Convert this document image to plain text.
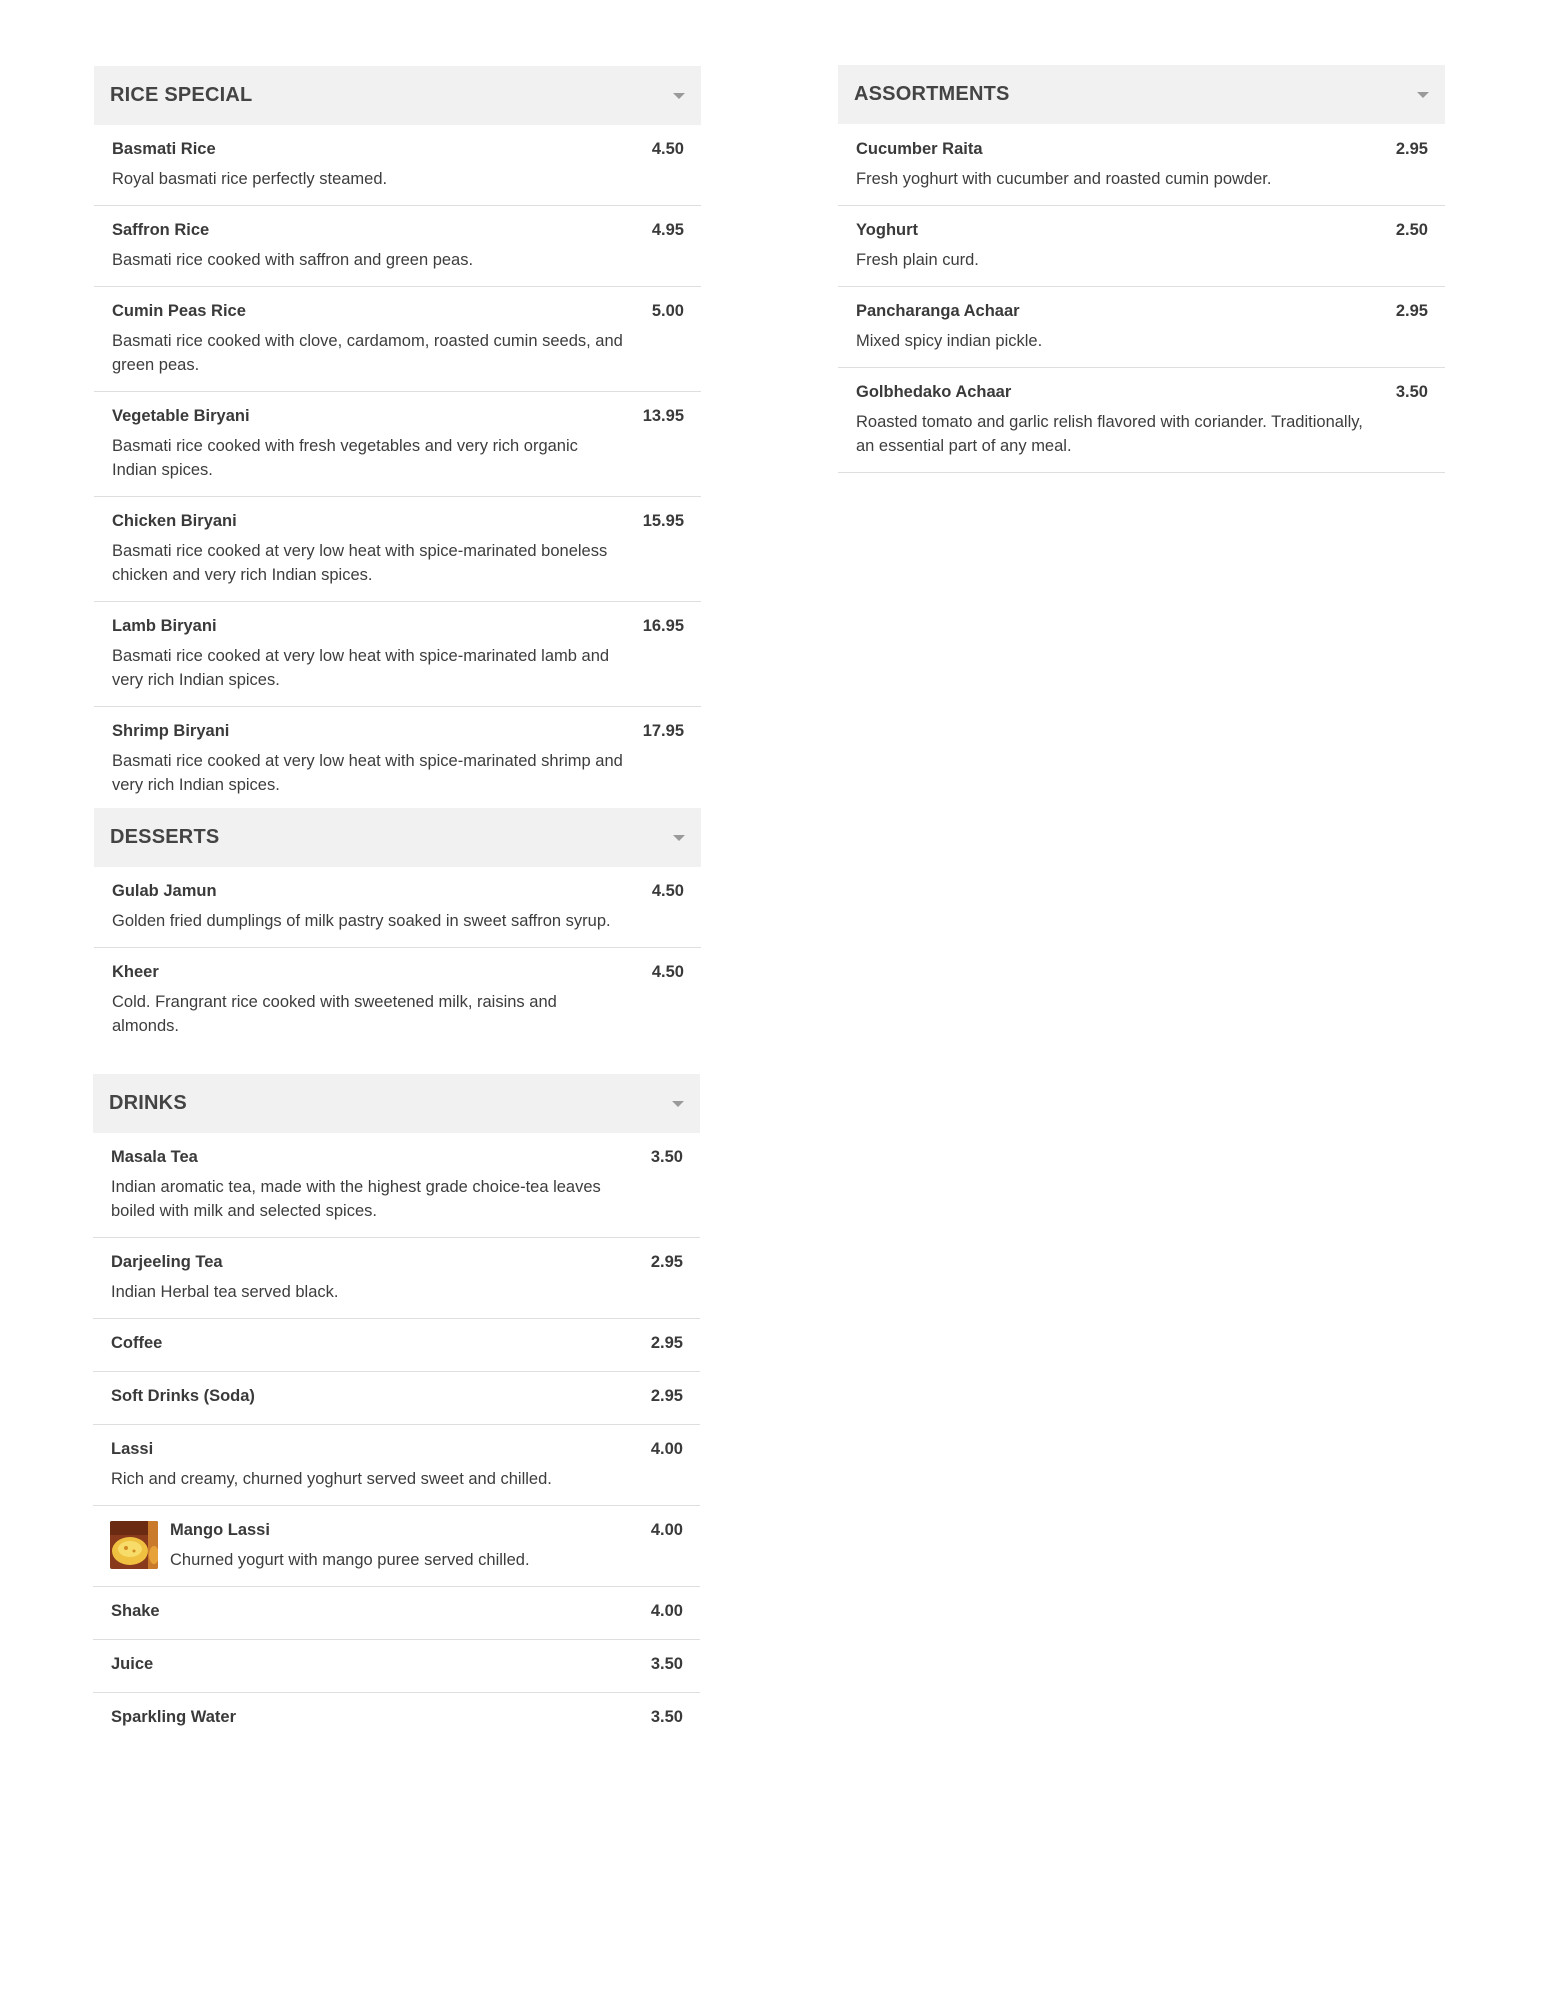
RICE SPECIAL
Basmati Rice	4.50
Royal basmati rice perfectly steamed.
Saffron Rice	4.95
Basmati rice cooked with saffron and green peas.
Cumin Peas Rice	5.00
Basmati rice cooked with clove, cardamom, roasted cumin seeds, and green peas.
Vegetable Biryani	13.95
Basmati rice cooked with fresh vegetables and very rich organic Indian spices.
Chicken Biryani	15.95
Basmati rice cooked at very low heat with spice-marinated boneless chicken and very rich Indian spices.
Lamb Biryani	16.95
Basmati rice cooked at very low heat with spice-marinated lamb and very rich Indian spices.
Shrimp Biryani	17.95
Basmati rice cooked at very low heat with spice-marinated shrimp and very rich Indian spices.
DESSERTS
Gulab Jamun	4.50
Golden fried dumplings of milk pastry soaked in sweet saffron syrup.
Kheer	4.50
Cold. Frangrant rice cooked with sweetened milk, raisins and almonds.
DRINKS
Masala Tea	3.50
Indian aromatic tea, made with the highest grade choice-tea leaves boiled with milk and selected spices.
Darjeeling Tea	2.95
Indian Herbal tea served black.
Coffee	2.95
Soft Drinks (Soda)	2.95
Lassi	4.00
Rich and creamy, churned yoghurt served sweet and chilled.
Mango Lassi	4.00
Churned yogurt with mango puree served chilled.
Shake	4.00
Juice	3.50
Sparkling Water	3.50
ASSORTMENTS
Cucumber Raita	2.95
Fresh yoghurt with cucumber and roasted cumin powder.
Yoghurt	2.50
Fresh plain curd.
Pancharanga Achaar	2.95
Mixed spicy indian pickle.
Golbhedako Achaar	3.50
Roasted tomato and garlic relish flavored with coriander. Traditionally, an essential part of any meal.
